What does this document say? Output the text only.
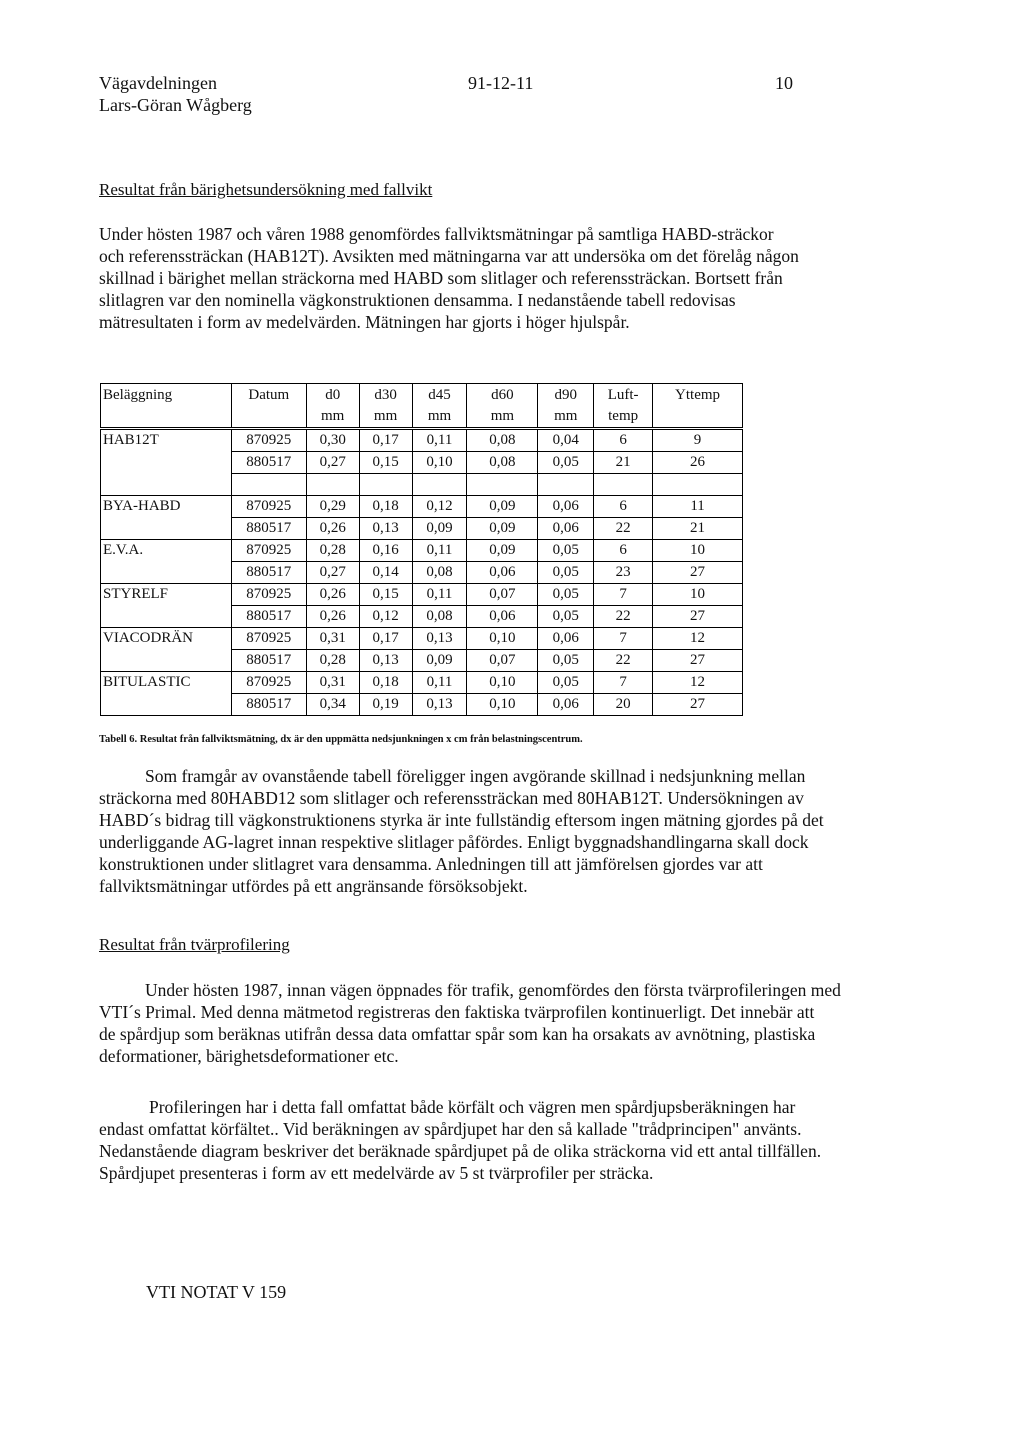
Vägavdelningen
Lars-Göran Wågberg
91-12-11	10
Resultat från bärighetsundersökning med fallvikt

Under hösten 1987 och våren 1988 genomfördes fallviktsmätningar på samtliga HABD-sträckor
och referenssträckan (HAB12T). Avsikten med mätningarna var att undersöka om det förelåg någon
skillnad i bärighet mellan sträckorna med HABD som slitlager och referenssträckan. Bortsett från
slitlagren var den nominella vägkonstruktionen densamma. I nedanstående tabell redovisas
mätresultaten i form av medelvärden. Mätningen har gjorts i höger hjulspår.

Beläggning	Datum	d0	d30	d45	d60	d90	Luft-	Yttemp
		mm	mm	mm	mm	mm	temp	
HAB12T	870925	0,30	0,17	0,11	0,08	0,04	6	9
	880517	0,27	0,15	0,10	0,08	0,05	21	26

BYA-HABD	870925	0,29	0,18	0,12	0,09	0,06	6	11
	880517	0,26	0,13	0,09	0,09	0,06	22	21
E.V.A.	870925	0,28	0,16	0,11	0,09	0,05	6	10
	880517	0,27	0,14	0,08	0,06	0,05	23	27
STYRELF	870925	0,26	0,15	0,11	0,07	0,05	7	10
	880517	0,26	0,12	0,08	0,06	0,05	22	27
VIACODRÄN	870925	0,31	0,17	0,13	0,10	0,06	7	12
	880517	0,28	0,13	0,09	0,07	0,05	22	27
BITULASTIC	870925	0,31	0,18	0,11	0,10	0,05	7	12
	880517	0,34	0,19	0,13	0,10	0,06	20	27
Tabell 6. Resultat från fallviktsmätning, dx är den uppmätta nedsjunkningen x cm från belastningscentrum.

Som framgår av ovanstående tabell föreligger ingen avgörande skillnad i nedsjunkning mellan
sträckorna med 80HABD12 som slitlager och referenssträckan med 80HAB12T. Undersökningen av
HABD´s bidrag till vägkonstruktionens styrka är inte fullständig eftersom ingen mätning gjordes på det
underliggande AG-lagret innan respektive slitlager påfördes. Enligt byggnadshandlingarna skall dock
konstruktionen under slitlagret vara densamma. Anledningen till att jämförelsen gjordes var att
fallviktsmätningar utfördes på ett angränsande försöksobjekt.

Resultat från tvärprofilering

Under hösten 1987, innan vägen öppnades för trafik, genomfördes den första tvärprofileringen med
VTI´s Primal. Med denna mätmetod registreras den faktiska tvärprofilen kontinuerligt. Det innebär att
de spårdjup som beräknas utifrån dessa data omfattar spår som kan ha orsakats av avnötning, plastiska
deformationer, bärighetsdeformationer etc.

Profileringen har i detta fall omfattat både körfält och vägren men spårdjupsberäkningen har
endast omfattat körfältet.. Vid beräkningen av spårdjupet har den så kallade "trådprincipen" använts.
Nedanstående diagram beskriver det beräknade spårdjupet på de olika sträckorna vid ett antal tillfällen.
Spårdjupet presenteras i form av ett medelvärde av 5 st tvärprofiler per sträcka.

VTI NOTAT V 159
